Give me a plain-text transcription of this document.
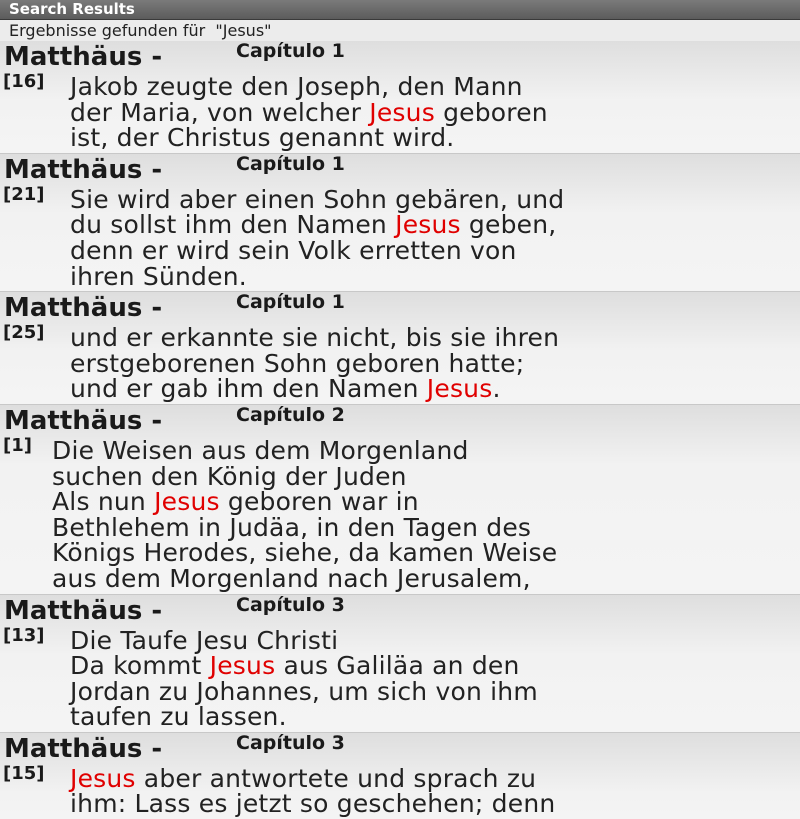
Search Results
Ergebnisse gefunden für  "Jesus"
Matthäus -	Capítulo 1
[16] Jakob zeugte den Joseph, den Mann
der Maria, von welcher Jesus geboren
ist, der Christus genannt wird.
Matthäus -	Capítulo 1
[21] Sie wird aber einen Sohn gebären, und
du sollst ihm den Namen Jesus geben,
denn er wird sein Volk erretten von
ihren Sünden.
Matthäus -	Capítulo 1
[25] und er erkannte sie nicht, bis sie ihren
erstgeborenen Sohn geboren hatte;
und er gab ihm den Namen Jesus.
Matthäus -	Capítulo 2
[1] Die Weisen aus dem Morgenland
suchen den König der Juden
Als nun Jesus geboren war in
Bethlehem in Judäa, in den Tagen des
Königs Herodes, siehe, da kamen Weise
aus dem Morgenland nach Jerusalem,
Matthäus -	Capítulo 3
[13] Die Taufe Jesu Christi
Da kommt Jesus aus Galiläa an den
Jordan zu Johannes, um sich von ihm
taufen zu lassen.
Matthäus -	Capítulo 3
[15] Jesus aber antwortete und sprach zu
ihm: Lass es jetzt so geschehen; denn
